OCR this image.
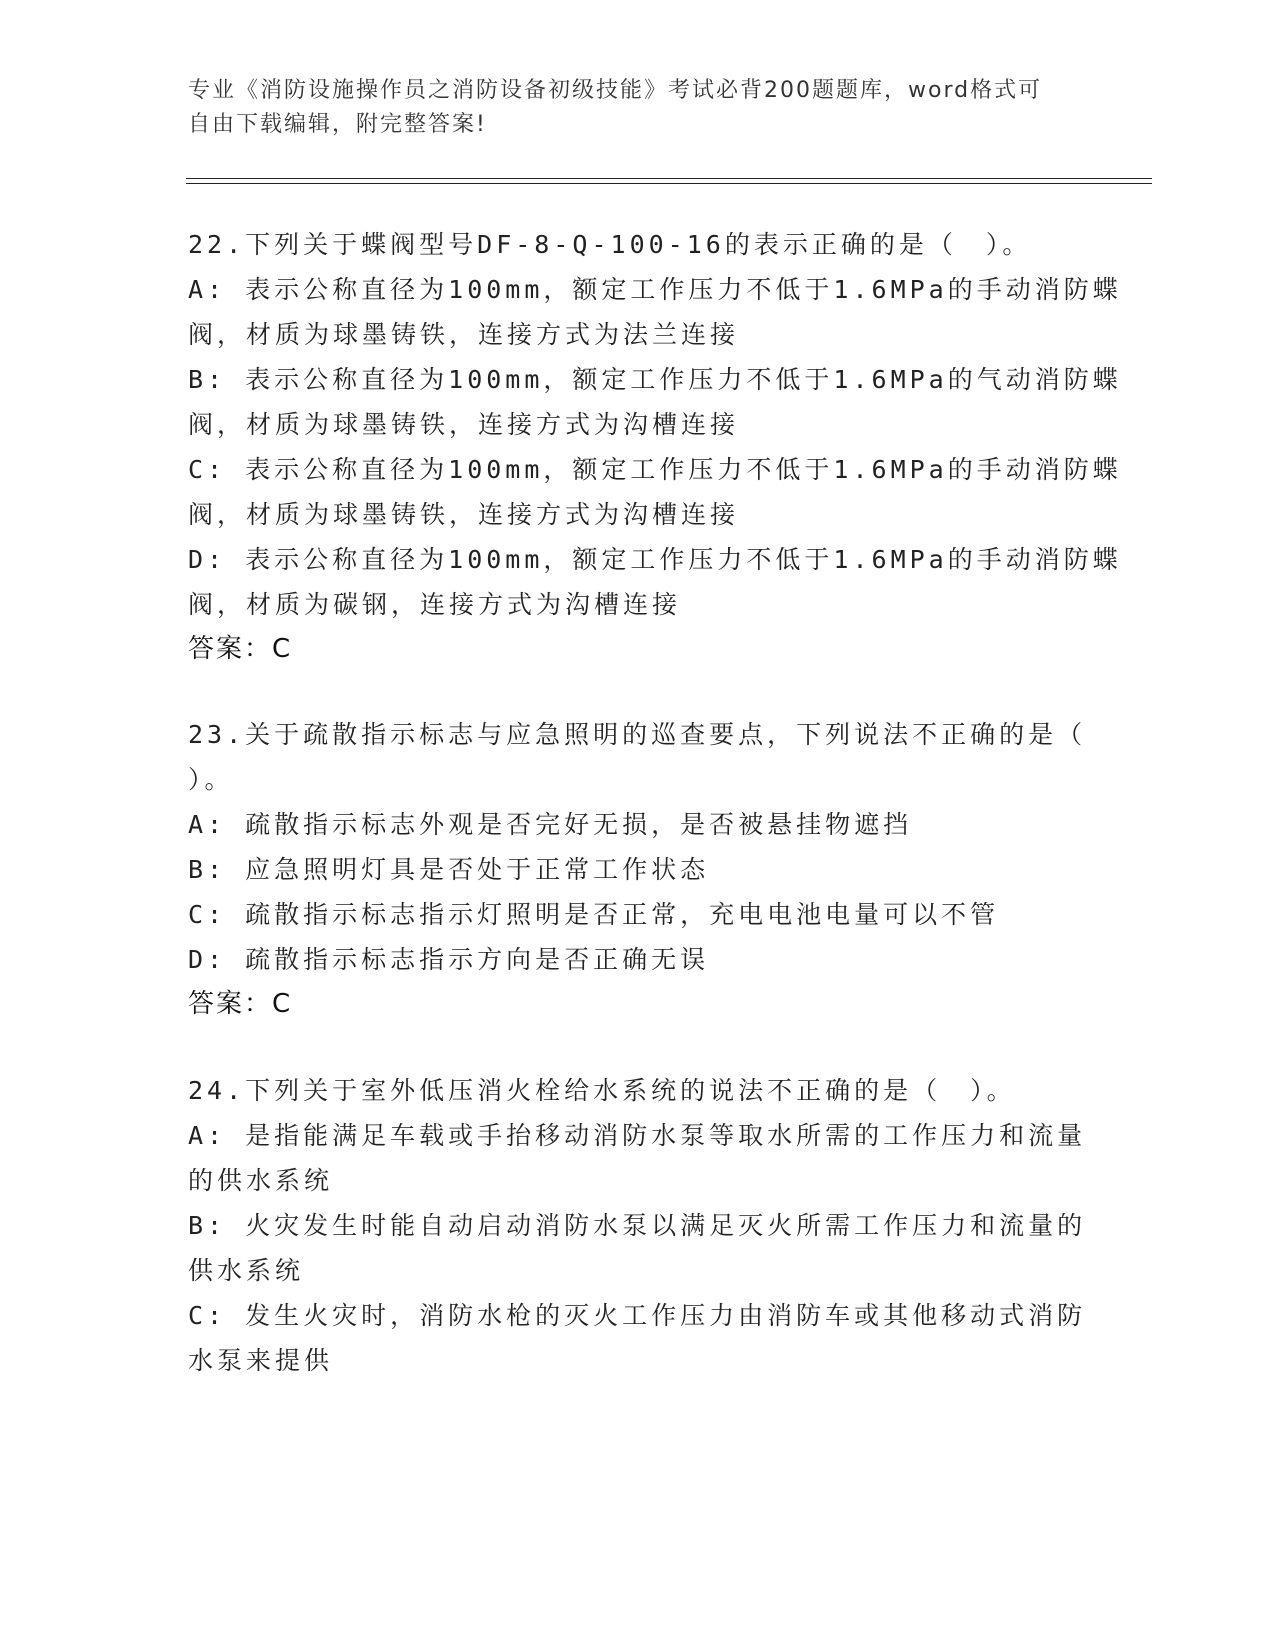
专业《消防设施操作员之消防设备初级技能》考试必背200题题库，word格式可
自由下载编辑，附完整答案!
22.下列关于蝶阀型号DF-8-Q-100-16的表示正确的是（　）。
A: 表示公称直径为100mm，额定工作压力不低于1.6MPa的手动消防蝶
阀，材质为球墨铸铁，连接方式为法兰连接
B: 表示公称直径为100mm，额定工作压力不低于1.6MPa的气动消防蝶
阀，材质为球墨铸铁，连接方式为沟槽连接
C: 表示公称直径为100mm，额定工作压力不低于1.6MPa的手动消防蝶
阀，材质为球墨铸铁，连接方式为沟槽连接
D: 表示公称直径为100mm，额定工作压力不低于1.6MPa的手动消防蝶
阀，材质为碳钢，连接方式为沟槽连接
答案：C
23.关于疏散指示标志与应急照明的巡查要点，下列说法不正确的是（
）。
A: 疏散指示标志外观是否完好无损，是否被悬挂物遮挡
B: 应急照明灯具是否处于正常工作状态
C: 疏散指示标志指示灯照明是否正常，充电电池电量可以不管
D: 疏散指示标志指示方向是否正确无误
答案：C
24.下列关于室外低压消火栓给水系统的说法不正确的是（　）。
A: 是指能满足车载或手抬移动消防水泵等取水所需的工作压力和流量
的供水系统
B: 火灾发生时能自动启动消防水泵以满足灭火所需工作压力和流量的
供水系统
C: 发生火灾时，消防水枪的灭火工作压力由消防车或其他移动式消防
水泵来提供
